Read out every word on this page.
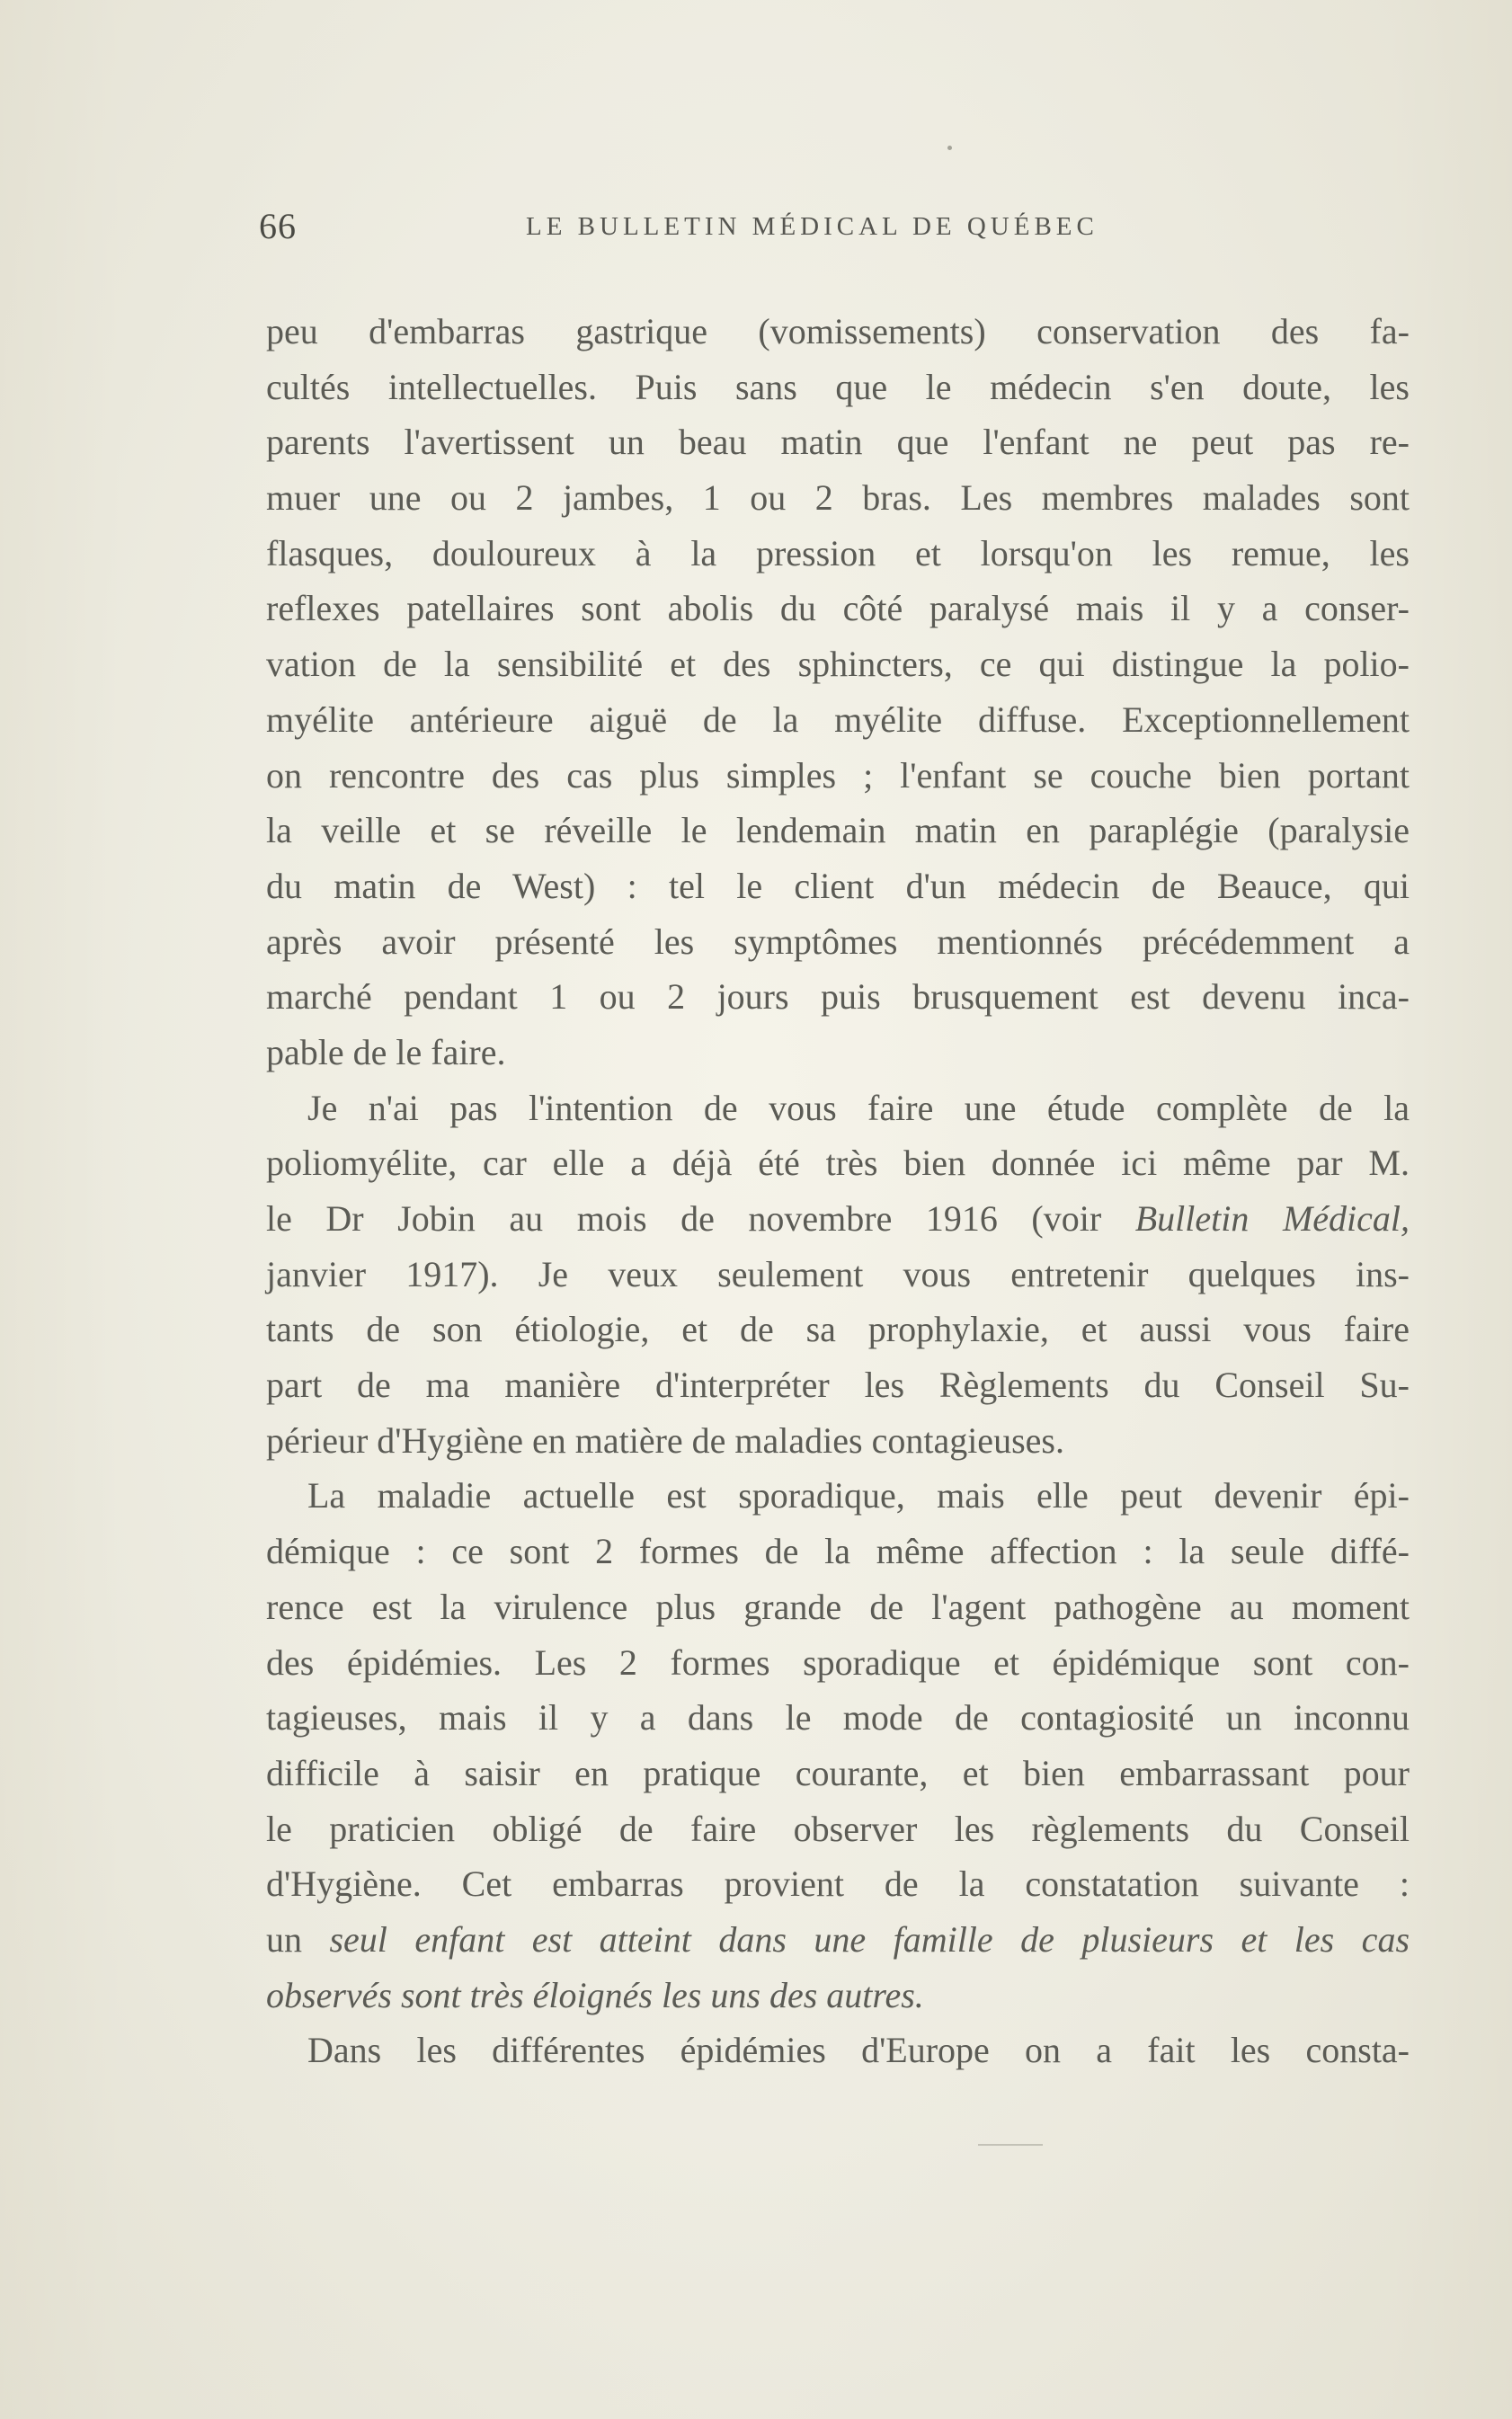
66	LE BULLETIN MÉDICAL DE QUÉBEC
peu d'embarras gastrique (vomissements) conservation des fa-
cultés intellectuelles. Puis sans que le médecin s'en doute, les
parents l'avertissent un beau matin que l'enfant ne peut pas re-
muer une ou 2 jambes, 1 ou 2 bras. Les membres malades sont
flasques, douloureux à la pression et lorsqu'on les remue, les
reflexes patellaires sont abolis du côté paralysé mais il y a conser-
vation de la sensibilité et des sphincters, ce qui distingue la polio-
myélite antérieure aiguë de la myélite diffuse. Exceptionnellement
on rencontre des cas plus simples ; l'enfant se couche bien portant
la veille et se réveille le lendemain matin en paraplégie (paralysie
du matin de West) : tel le client d'un médecin de Beauce, qui
après avoir présenté les symptômes mentionnés précédemment a
marché pendant 1 ou 2 jours puis brusquement est devenu inca-
pable de le faire.
Je n'ai pas l'intention de vous faire une étude complète de la
poliomyélite, car elle a déjà été très bien donnée ici même par M.
le Dr Jobin au mois de novembre 1916 (voir Bulletin Médical,
janvier 1917). Je veux seulement vous entretenir quelques ins-
tants de son étiologie, et de sa prophylaxie, et aussi vous faire
part de ma manière d'interpréter les Règlements du Conseil Su-
périeur d'Hygiène en matière de maladies contagieuses.
La maladie actuelle est sporadique, mais elle peut devenir épi-
démique : ce sont 2 formes de la même affection : la seule diffé-
rence est la virulence plus grande de l'agent pathogène au moment
des épidémies. Les 2 formes sporadique et épidémique sont con-
tagieuses, mais il y a dans le mode de contagiosité un inconnu
difficile à saisir en pratique courante, et bien embarrassant pour
le praticien obligé de faire observer les règlements du Conseil
d'Hygiène. Cet embarras provient de la constatation suivante :
un seul enfant est atteint dans une famille de plusieurs et les cas
observés sont très éloignés les uns des autres.
Dans les différentes épidémies d'Europe on a fait les consta-
